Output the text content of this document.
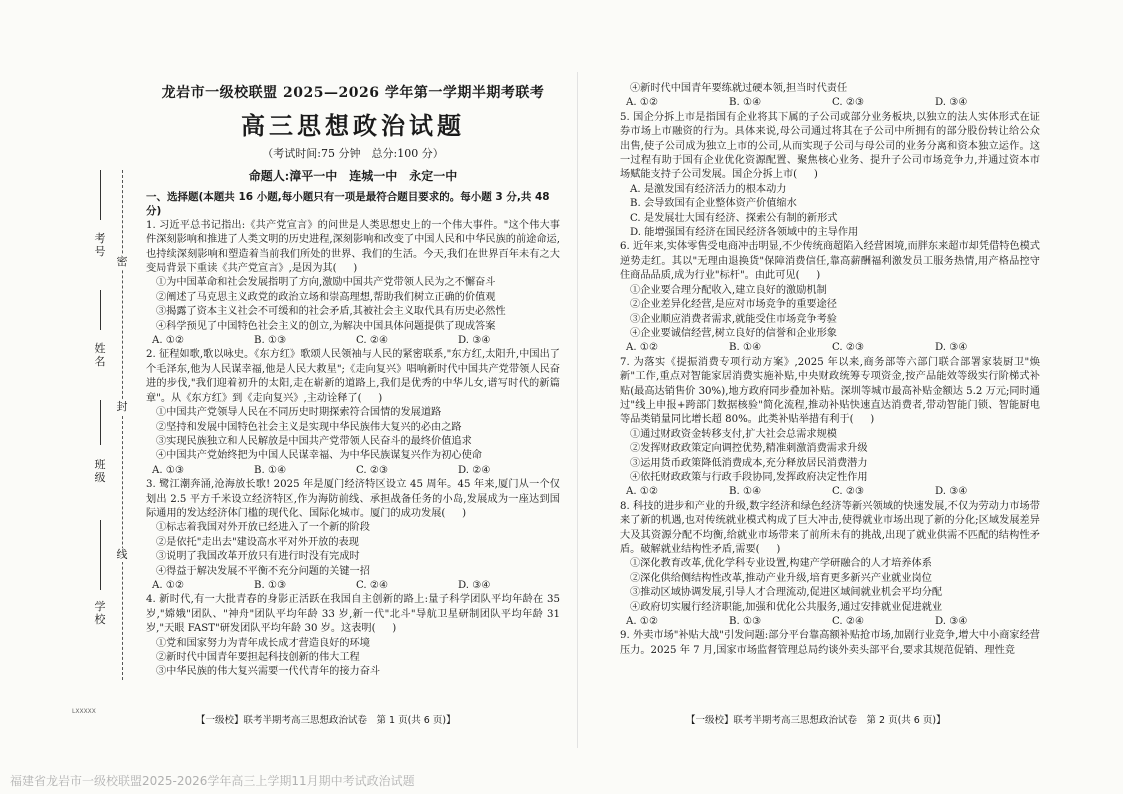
密
封
线
考号
姓名
班级
学校
LXXXXX
龙岩市一级校联盟 2025—2026 学年第一学期半期考联考
高三思想政治试题
（考试时间:75 分钟　总分:100 分）
命题人:漳平一中　连城一中　永定一中
一、选择题(本题共 16 小题,每小题只有一项是最符合题目要求的。每小题 3 分,共 48 分)
1. 习近平总书记指出:《共产党宣言》的问世是人类思想史上的一个伟大事件。"这个伟大事件深刻影响和推进了人类文明的历史进程,深刻影响和改变了中国人民和中华民族的前途命运,也持续深刻影响和塑造着当前我们所处的世界、我们的生活。今天,我们在世界百年未有之大变局背景下重读《共产党宣言》,是因为其( 　 )
①为中国革命和社会发展指明了方向,激励中国共产党带领人民为之不懈奋斗
②阐述了马克思主义政党的政治立场和崇高理想,帮助我们树立正确的价值观
③揭露了资本主义社会不可缓和的社会矛盾,其被社会主义取代具有历史必然性
④科学预见了中国特色社会主义的创立,为解决中国具体问题提供了现成答案
A. ①②	B. ①③	C. ②④	D. ③④
2. 征程如歌,歌以咏史。《东方红》歌颂人民领袖与人民的紧密联系,"东方红,太阳升,中国出了个毛泽东,他为人民谋幸福,他是人民大救星";《走向复兴》唱响新时代中国共产党带领人民奋进的步伐,"我们迎着初升的太阳,走在崭新的道路上,我们是优秀的中华儿女,谱写时代的新篇章"。从《东方红》到《走向复兴》,主动诠释了( 　 )
①中国共产党领导人民在不同历史时期探索符合国情的发展道路
②坚持和发展中国特色社会主义是实现中华民族伟大复兴的必由之路
③实现民族独立和人民解放是中国共产党带领人民奋斗的最终价值追求
④中国共产党始终把为中国人民谋幸福、为中华民族谋复兴作为初心使命
A. ①③	B. ①④	C. ②③	D. ②④
3. 鹭江潮奔涌,沧海放长歌! 2025 年是厦门经济特区设立 45 周年。45 年来,厦门从一个仅划出 2.5 平方千米设立经济特区,作为海防前线、承担战备任务的小岛,发展成为一座达到国际通用的发达经济体门槛的现代化、国际化城市。厦门的成功发展( 　 )
①标志着我国对外开放已经进入了一个新的阶段
②是依托"走出去"建设高水平对外开放的表现
③说明了我国改革开放只有进行时没有完成时
④得益于解决发展不平衡不充分问题的关键一招
A. ①②	B. ①③	C. ②④	D. ③④
4. 新时代,有一大批青春的身影正活跃在我国自主创新的路上:量子科学团队平均年龄在 35 岁,"嫦娥"团队、"神舟"团队平均年龄 33 岁,新一代"北斗"导航卫星研制团队平均年龄 31 岁,"天眼 FAST"研发团队平均年龄 30 岁。这表明( 　 )
①党和国家努力为青年成长成才营造良好的环境
②新时代中国青年要担起科技创新的伟大工程
③中华民族的伟大复兴需要一代代青年的接力奋斗
④新时代中国青年要练就过硬本领,担当时代责任
A. ①②	B. ①④	C. ②③	D. ③④
5. 国企分拆上市是指国有企业将其下属的子公司或部分业务板块,以独立的法人实体形式在证券市场上市融资的行为。具体来说,母公司通过将其在子公司中所拥有的部分股份转让给公众出售,使子公司成为独立上市的公司,从而实现子公司与母公司的业务分离和资本独立运作。这一过程有助于国有企业优化资源配置、聚焦核心业务、提升子公司市场竞争力,并通过资本市场赋能支持子公司发展。国企分拆上市( 　 )
A. 是激发国有经济活力的根本动力
B. 会导致国有企业整体资产价值缩水
C. 是发展壮大国有经济、探索公有制的新形式
D. 能增强国有经济在国民经济各领域中的主导作用
6. 近年来,实体零售受电商冲击明显,不少传统商超陷入经营困境,而胖东来超市却凭借特色模式逆势走红。其以"无理由退换货"保障消费信任,靠高薪酬福利激发员工服务热情,用产格品控守住商品品质,成为行业"标杆"。由此可见( 　 )
①企业要合理分配收入,建立良好的激励机制
②企业差异化经营,是应对市场竞争的重要途径
③企业顺应消费者需求,就能受住市场竞争考验
④企业要诚信经营,树立良好的信誉和企业形象
A. ①②	B. ①④	C. ②③	D. ③④
7. 为落实《提振消费专项行动方案》,2025 年以来,商务部等六部门联合部署家装厨卫"焕新"工作,重点对智能家居消费实施补贴,中央财政统筹专项资金,按产品能效等级实行阶梯式补贴(最高达销售价 30%),地方政府同步叠加补贴。深圳等城市最高补贴金额达 5.2 万元;同时通过"线上申报+跨部门数据核验"简化流程,推动补贴快速直达消费者,带动智能门锁、智能厨电等品类销量同比增长超 80%。此类补贴举措有利于( 　 )
①通过财政资金转移支付,扩大社会总需求规模
②发挥财政政策定向调控优势,精准刺激消费需求升级
③运用货币政策降低消费成本,充分释放居民消费潜力
④依托财政政策与行政手段协同,发挥政府决定性作用
A. ①②	B. ①④	C. ②③	D. ③④
8. 科技的进步和产业的升级,数字经济和绿色经济等新兴领域的快速发展,不仅为劳动力市场带来了新的机遇,也对传统就业模式构成了巨大冲击,使得就业市场出现了新的分化;区域发展差异大及其资源分配不均衡,给就业市场带来了前所未有的挑战,出现了就业供需不匹配的结构性矛盾。破解就业结构性矛盾,需要( 　 )
①深化教育改革,优化学科专业设置,构建产学研融合的人才培养体系
②深化供给侧结构性改革,推动产业升级,培育更多新兴产业就业岗位
③推动区域协调发展,引导人才合理流动,促进区域间就业机会平均分配
④政府切实履行经济职能,加强和优化公共服务,通过安排就业促进就业
A. ①②	B. ①③	C. ②④	D. ③④
9. 外卖市场"补贴大战"引发问题:部分平台靠高额补贴抢市场,加剧行业竞争,增大中小商家经营压力。2025 年 7 月,国家市场监督管理总局约谈外卖头部平台,要求其规范促销、理性竞
【一级校】联考半期考高三思想政治试卷　第 1 页(共 6 页)】	【一级校】联考半期考高三思想政治试卷　第 2 页(共 6 页)】
福建省龙岩市一级校联盟2025-2026学年高三上学期11月期中考试政治试题
